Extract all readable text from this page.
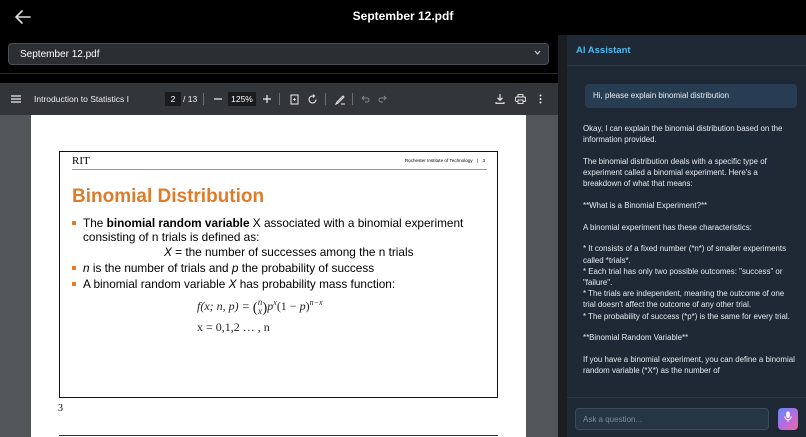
September 12.pdf
September 12.pdf
Introduction to Statistics I	2 / 13	125%
RIT	Rochester Institute of Technology | 3
Binomial Distribution
The binomial random variable X associated with a binomial experiment
consisting of n trials is defined as:
X = the number of successes among the n trials
n is the number of trials and p the probability of success
A binomial random variable X has probability mass function:
f(x; n, p) = (n
$x)p^x(1 - p)^{n-x}$
x = 0,1,2 … , n
3
AI Assistant
Hi, please explain binomial distribution

Okay, I can explain the binomial distribution based on the information provided.

The binomial distribution deals with a specific type of experiment called a binomial experiment. Here's a breakdown of what that means:

**What is a Binomial Experiment?**

A binomial experiment has these characteristics:

* It consists of a fixed number (*n*) of smaller experiments called *trials*.
* Each trial has only two possible outcomes: "success" or "failure".
* The trials are independent, meaning the outcome of one trial doesn't affect the outcome of any other trial.
* The probability of success (*p*) is the same for every trial.

**Binomial Random Variable**

If you have a binomial experiment, you can define a binomial random variable (*X*) as the number of

Ask a question...
